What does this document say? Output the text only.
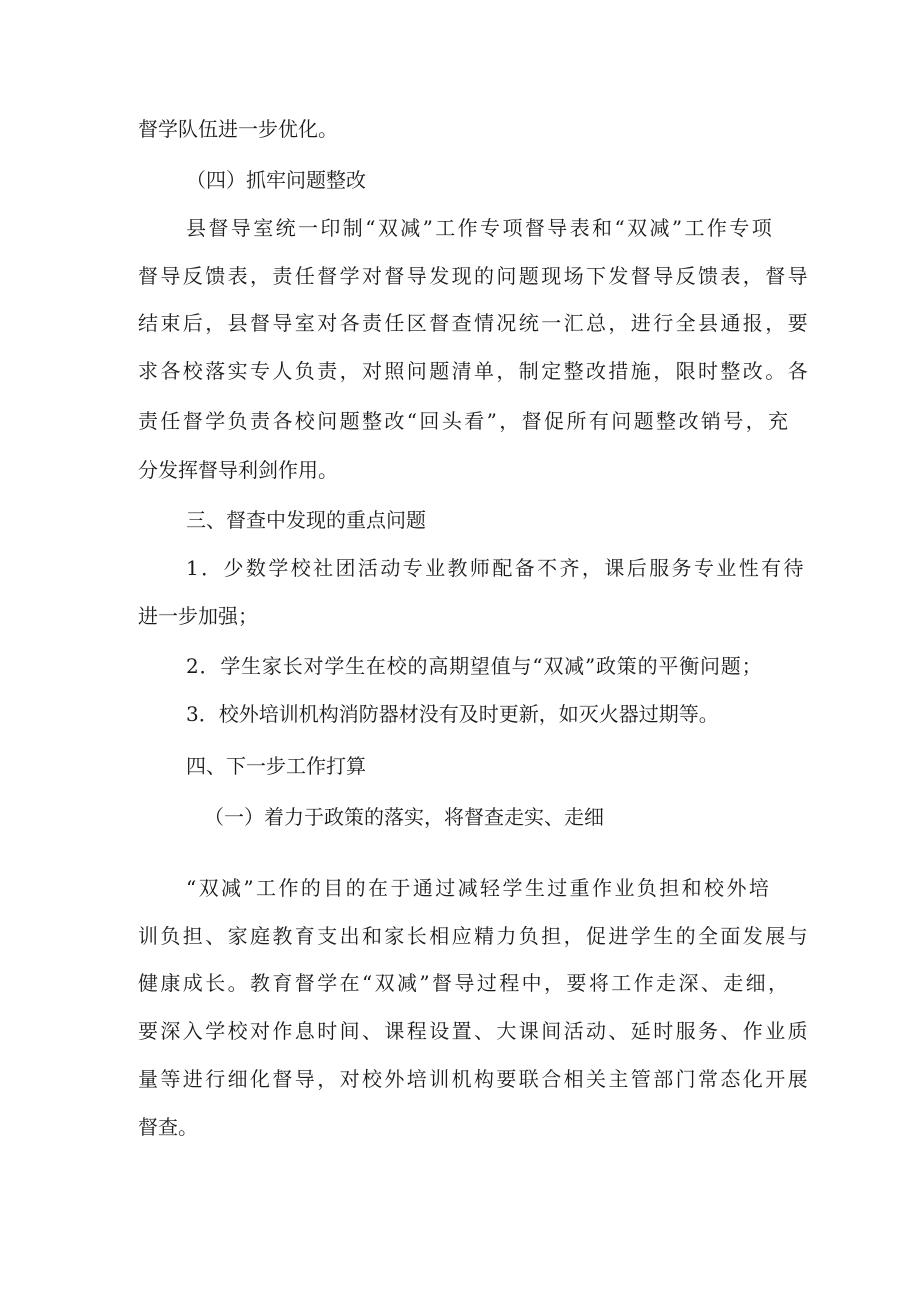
督学队伍进一步优化。
（四）抓牢问题整改
县督导室统一印制“双减”工作专项督导表和“双减”工作专项
督导反馈表，责任督学对督导发现的问题现场下发督导反馈表，督导
结束后，县督导室对各责任区督查情况统一汇总，进行全县通报，要
求各校落实专人负责，对照问题清单，制定整改措施，限时整改。各
责任督学负责各校问题整改“回头看”，督促所有问题整改销号，充
分发挥督导利剑作用。
三、督查中发现的重点问题
1．少数学校社团活动专业教师配备不齐，课后服务专业性有待
进一步加强；
2．学生家长对学生在校的高期望值与“双减”政策的平衡问题；
3．校外培训机构消防器材没有及时更新，如灭火器过期等。
四、下一步工作打算
（一）着力于政策的落实，将督查走实、走细
“双减”工作的目的在于通过减轻学生过重作业负担和校外培
训负担、家庭教育支出和家长相应精力负担，促进学生的全面发展与
健康成长。教育督学在“双减”督导过程中，要将工作走深、走细，
要深入学校对作息时间、课程设置、大课间活动、延时服务、作业质
量等进行细化督导，对校外培训机构要联合相关主管部门常态化开展
督查。
